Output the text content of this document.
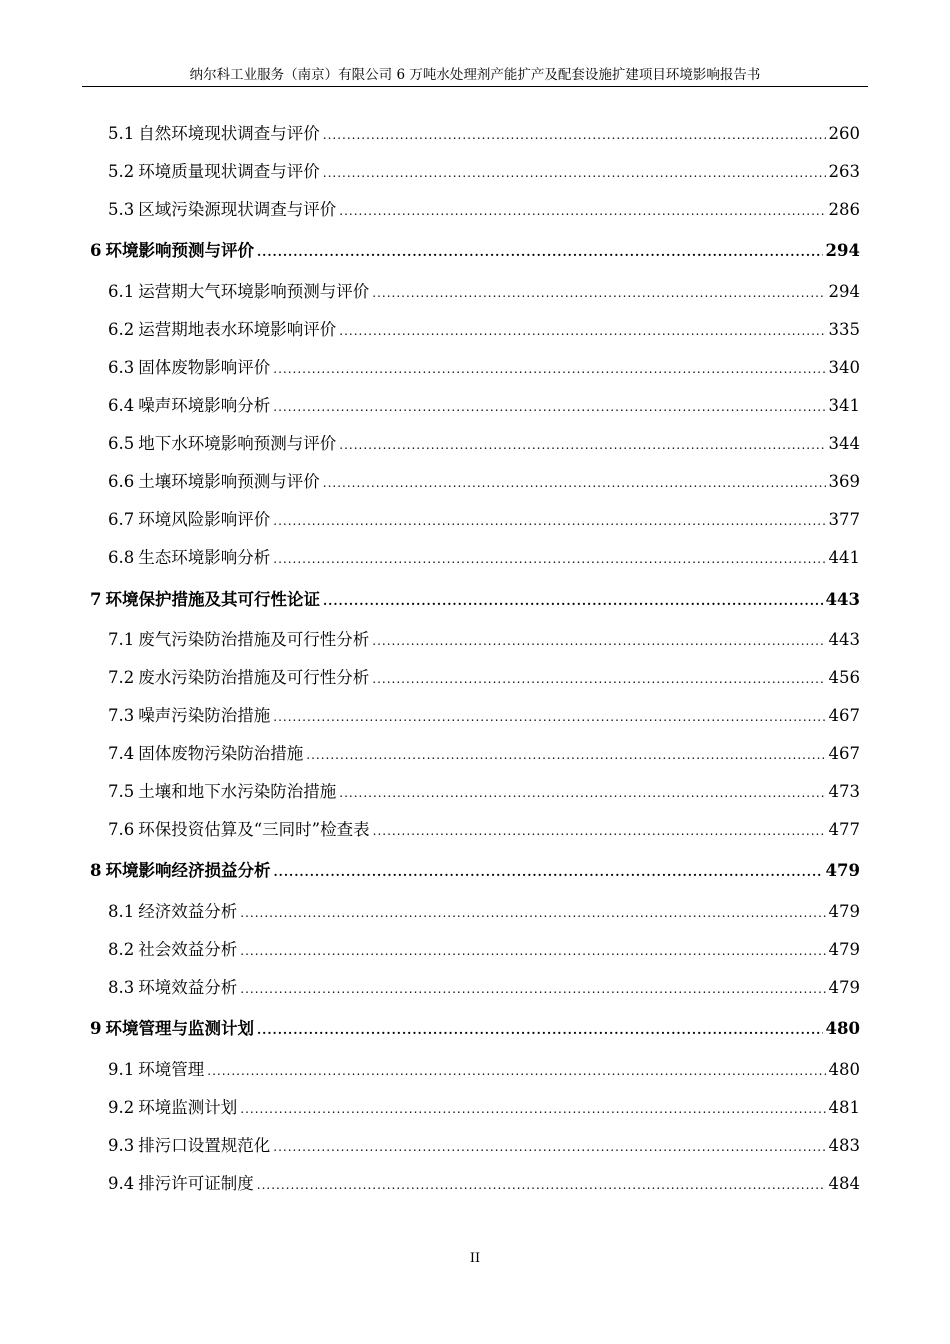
纳尔科工业服务（南京）有限公司 6 万吨水处理剂产能扩产及配套设施扩建项目环境影响报告书
5.1 自然环境现状调查与评价 .....	260
5.2 环境质量现状调查与评价 .....	263
5.3 区域污染源现状调查与评价 .....	286
6 环境影响预测与评价 .....	294
6.1 运营期大气环境影响预测与评价 .....	294
6.2 运营期地表水环境影响评价 .....	335
6.3 固体废物影响评价 .....	340
6.4 噪声环境影响分析 .....	341
6.5 地下水环境影响预测与评价 .....	344
6.6 土壤环境影响预测与评价 .....	369
6.7 环境风险影响评价 .....	377
6.8 生态环境影响分析 .....	441
7 环境保护措施及其可行性论证 .....	443
7.1 废气污染防治措施及可行性分析 .....	443
7.2 废水污染防治措施及可行性分析 .....	456
7.3 噪声污染防治措施 .....	467
7.4 固体废物污染防治措施 .....	467
7.5 土壤和地下水污染防治措施 .....	473
7.6 环保投资估算及“三同时”检查表 .....	477
8 环境影响经济损益分析 .....	479
8.1 经济效益分析 .....	479
8.2 社会效益分析 .....	479
8.3 环境效益分析 .....	479
9 环境管理与监测计划 .....	480
9.1 环境管理 .....	480
9.2 环境监测计划 .....	481
9.3 排污口设置规范化 .....	483
9.4 排污许可证制度 .....	484
II
